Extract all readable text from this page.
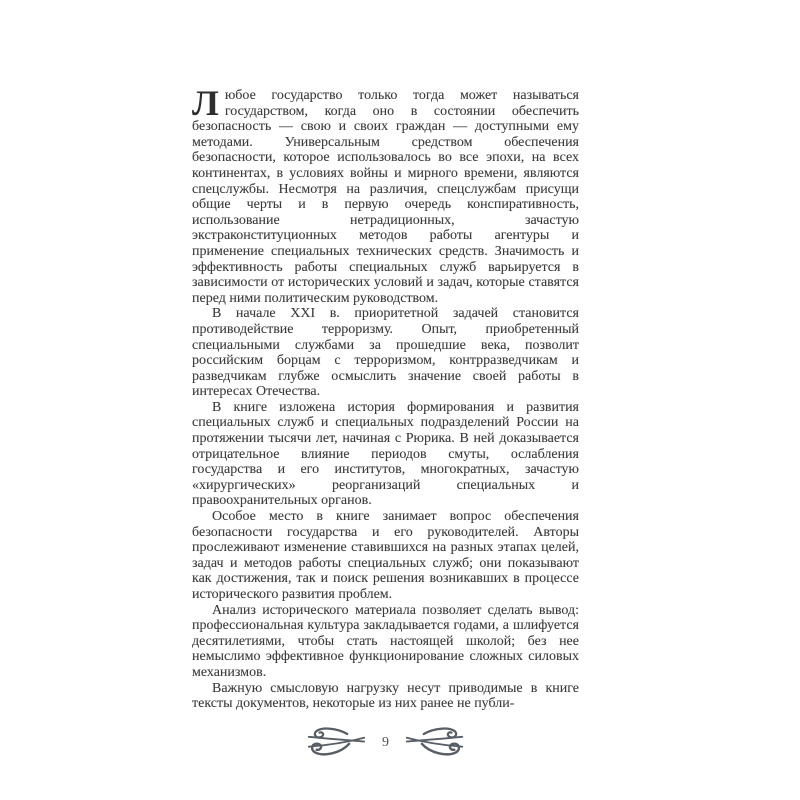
Любое государство только тогда может называться государством, когда оно в состоянии обеспечить безопасность — свою и своих граждан — доступными ему методами. Универсальным средством обеспечения безопасности, которое использовалось во все эпохи, на всех континентах, в условиях войны и мирного времени, являются спецслужбы. Несмотря на различия, спецслужбам присущи общие черты и в первую очередь конспиративность, использование нетрадиционных, зачастую экстраконституционных методов работы агентуры и применение специальных технических средств. Значимость и эффективность работы специальных служб варьируется в зависимости от исторических условий и задач, которые ставятся перед ними политическим руководством.

В начале XXI в. приоритетной задачей становится противодействие терроризму. Опыт, приобретенный специальными службами за прошедшие века, позволит российским борцам с терроризмом, контрразведчикам и разведчикам глубже осмыслить значение своей работы в интересах Отечества.

В книге изложена история формирования и развития специальных служб и специальных подразделений России на протяжении тысячи лет, начиная с Рюрика. В ней доказывается отрицательное влияние периодов смуты, ослабления государства и его институтов, многократных, зачастую «хирургических» реорганизаций специальных и правоохранительных органов.

Особое место в книге занимает вопрос обеспечения безопасности государства и его руководителей. Авторы прослеживают изменение ставившихся на разных этапах целей, задач и методов работы специальных служб; они показывают как достижения, так и поиск решения возникавших в процессе исторического развития проблем.

Анализ исторического материала позволяет сделать вывод: профессиональная культура закладывается годами, а шлифуется десятилетиями, чтобы стать настоящей школой; без нее немыслимо эффективное функционирование сложных силовых механизмов.

Важную смысловую нагрузку несут приводимые в книге тексты документов, некоторые из них ранее не публи-

9
